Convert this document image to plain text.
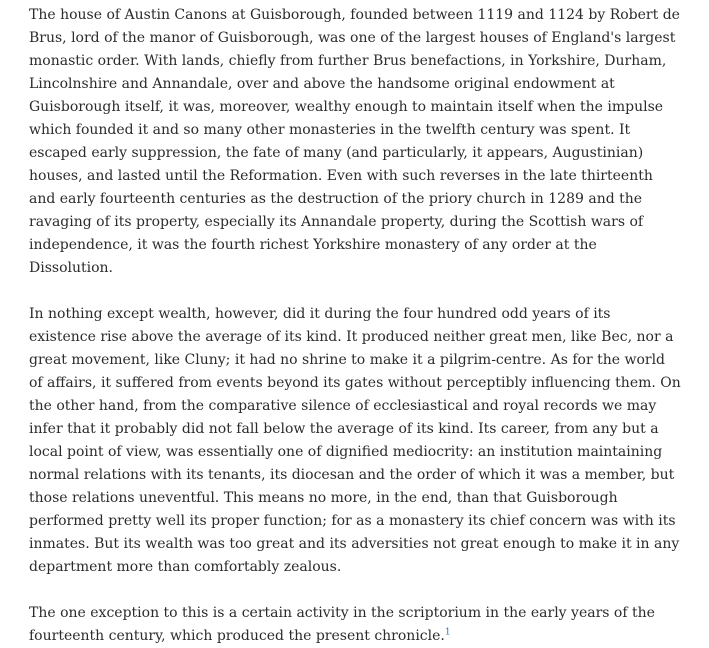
The house of Austin Canons at Guisborough, founded between 1119 and 1124 by Robert de Brus, lord of the manor of Guisborough, was one of the largest houses of England's largest monastic order. With lands, chiefly from further Brus benefactions, in Yorkshire, Durham, Lincolnshire and Annandale, over and above the handsome original endowment at Guisborough itself, it was, moreover, wealthy enough to maintain itself when the impulse which founded it and so many other monasteries in the twelfth century was spent. It escaped early suppression, the fate of many (and particularly, it appears, Augustinian) houses, and lasted until the Reformation. Even with such reverses in the late thirteenth and early fourteenth centuries as the destruction of the priory church in 1289 and the ravaging of its property, especially its Annandale property, during the Scottish wars of independence, it was the fourth richest Yorkshire monastery of any order at the Dissolution.

In nothing except wealth, however, did it during the four hundred odd years of its existence rise above the average of its kind. It produced neither great men, like Bec, nor a great movement, like Cluny; it had no shrine to make it a pilgrim-centre. As for the world of affairs, it suffered from events beyond its gates without perceptibly influencing them. On the other hand, from the comparative silence of ecclesiastical and royal records we may infer that it probably did not fall below the average of its kind. Its career, from any but a local point of view, was essentially one of dignified mediocrity: an institution maintaining normal relations with its tenants, its diocesan and the order of which it was a member, but those relations uneventful. This means no more, in the end, than that Guisborough performed pretty well its proper function; for as a monastery its chief concern was with its inmates. But its wealth was too great and its adversities not great enough to make it in any department more than comfortably zealous.

The one exception to this is a certain activity in the scriptorium in the early years of the fourteenth century, which produced the present chronicle.$^1$
